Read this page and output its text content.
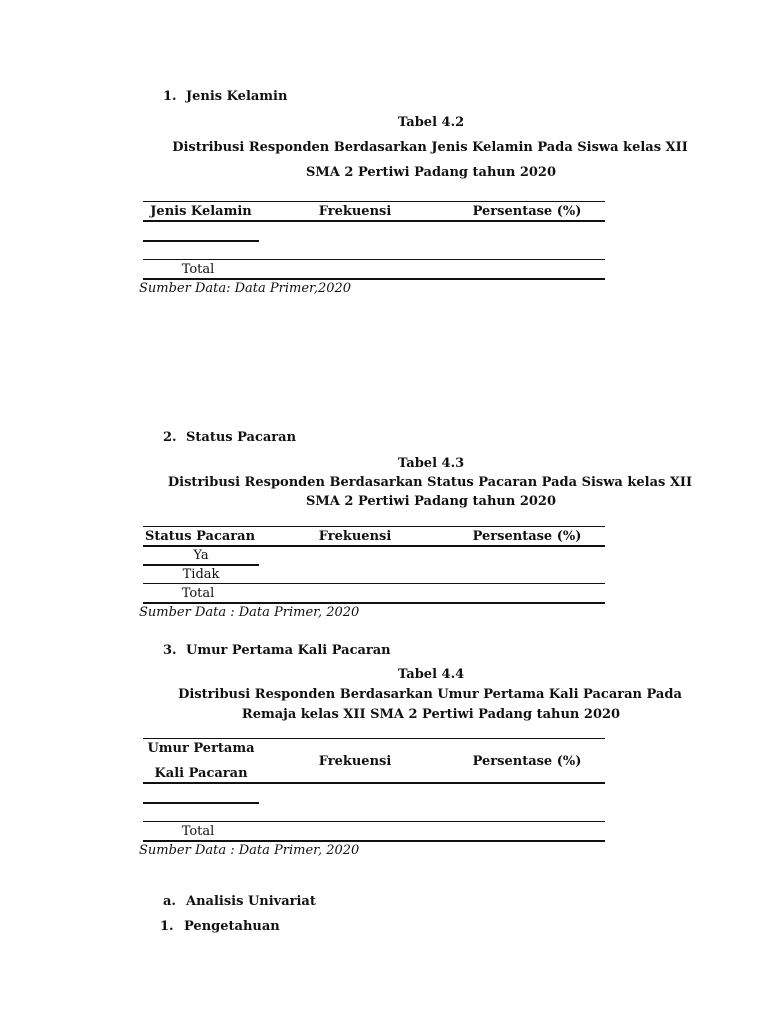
1. Jenis Kelamin
Tabel 4.2
Distribusi Responden Berdasarkan Jenis Kelamin Pada Siswa kelas XII
SMA 2 Pertiwi Padang tahun 2020
Jenis Kelamin	Frekuensi	Persentase (%)
Total
Sumber Data: Data Primer,2020
2. Status Pacaran
Tabel 4.3
Distribusi Responden Berdasarkan Status Pacaran Pada Siswa kelas XII
SMA 2 Pertiwi Padang tahun 2020
Status Pacaran	Frekuensi	Persentase (%)
Ya
Tidak
Total
Sumber Data : Data Primer, 2020
3. Umur Pertama Kali Pacaran
Tabel 4.4
Distribusi Responden Berdasarkan Umur Pertama Kali Pacaran Pada
Remaja kelas XII SMA 2 Pertiwi Padang tahun 2020
Umur Pertama
Kali Pacaran
Frekuensi	Persentase (%)
Total
Sumber Data : Data Primer, 2020
a. Analisis Univariat
1. Pengetahuan
